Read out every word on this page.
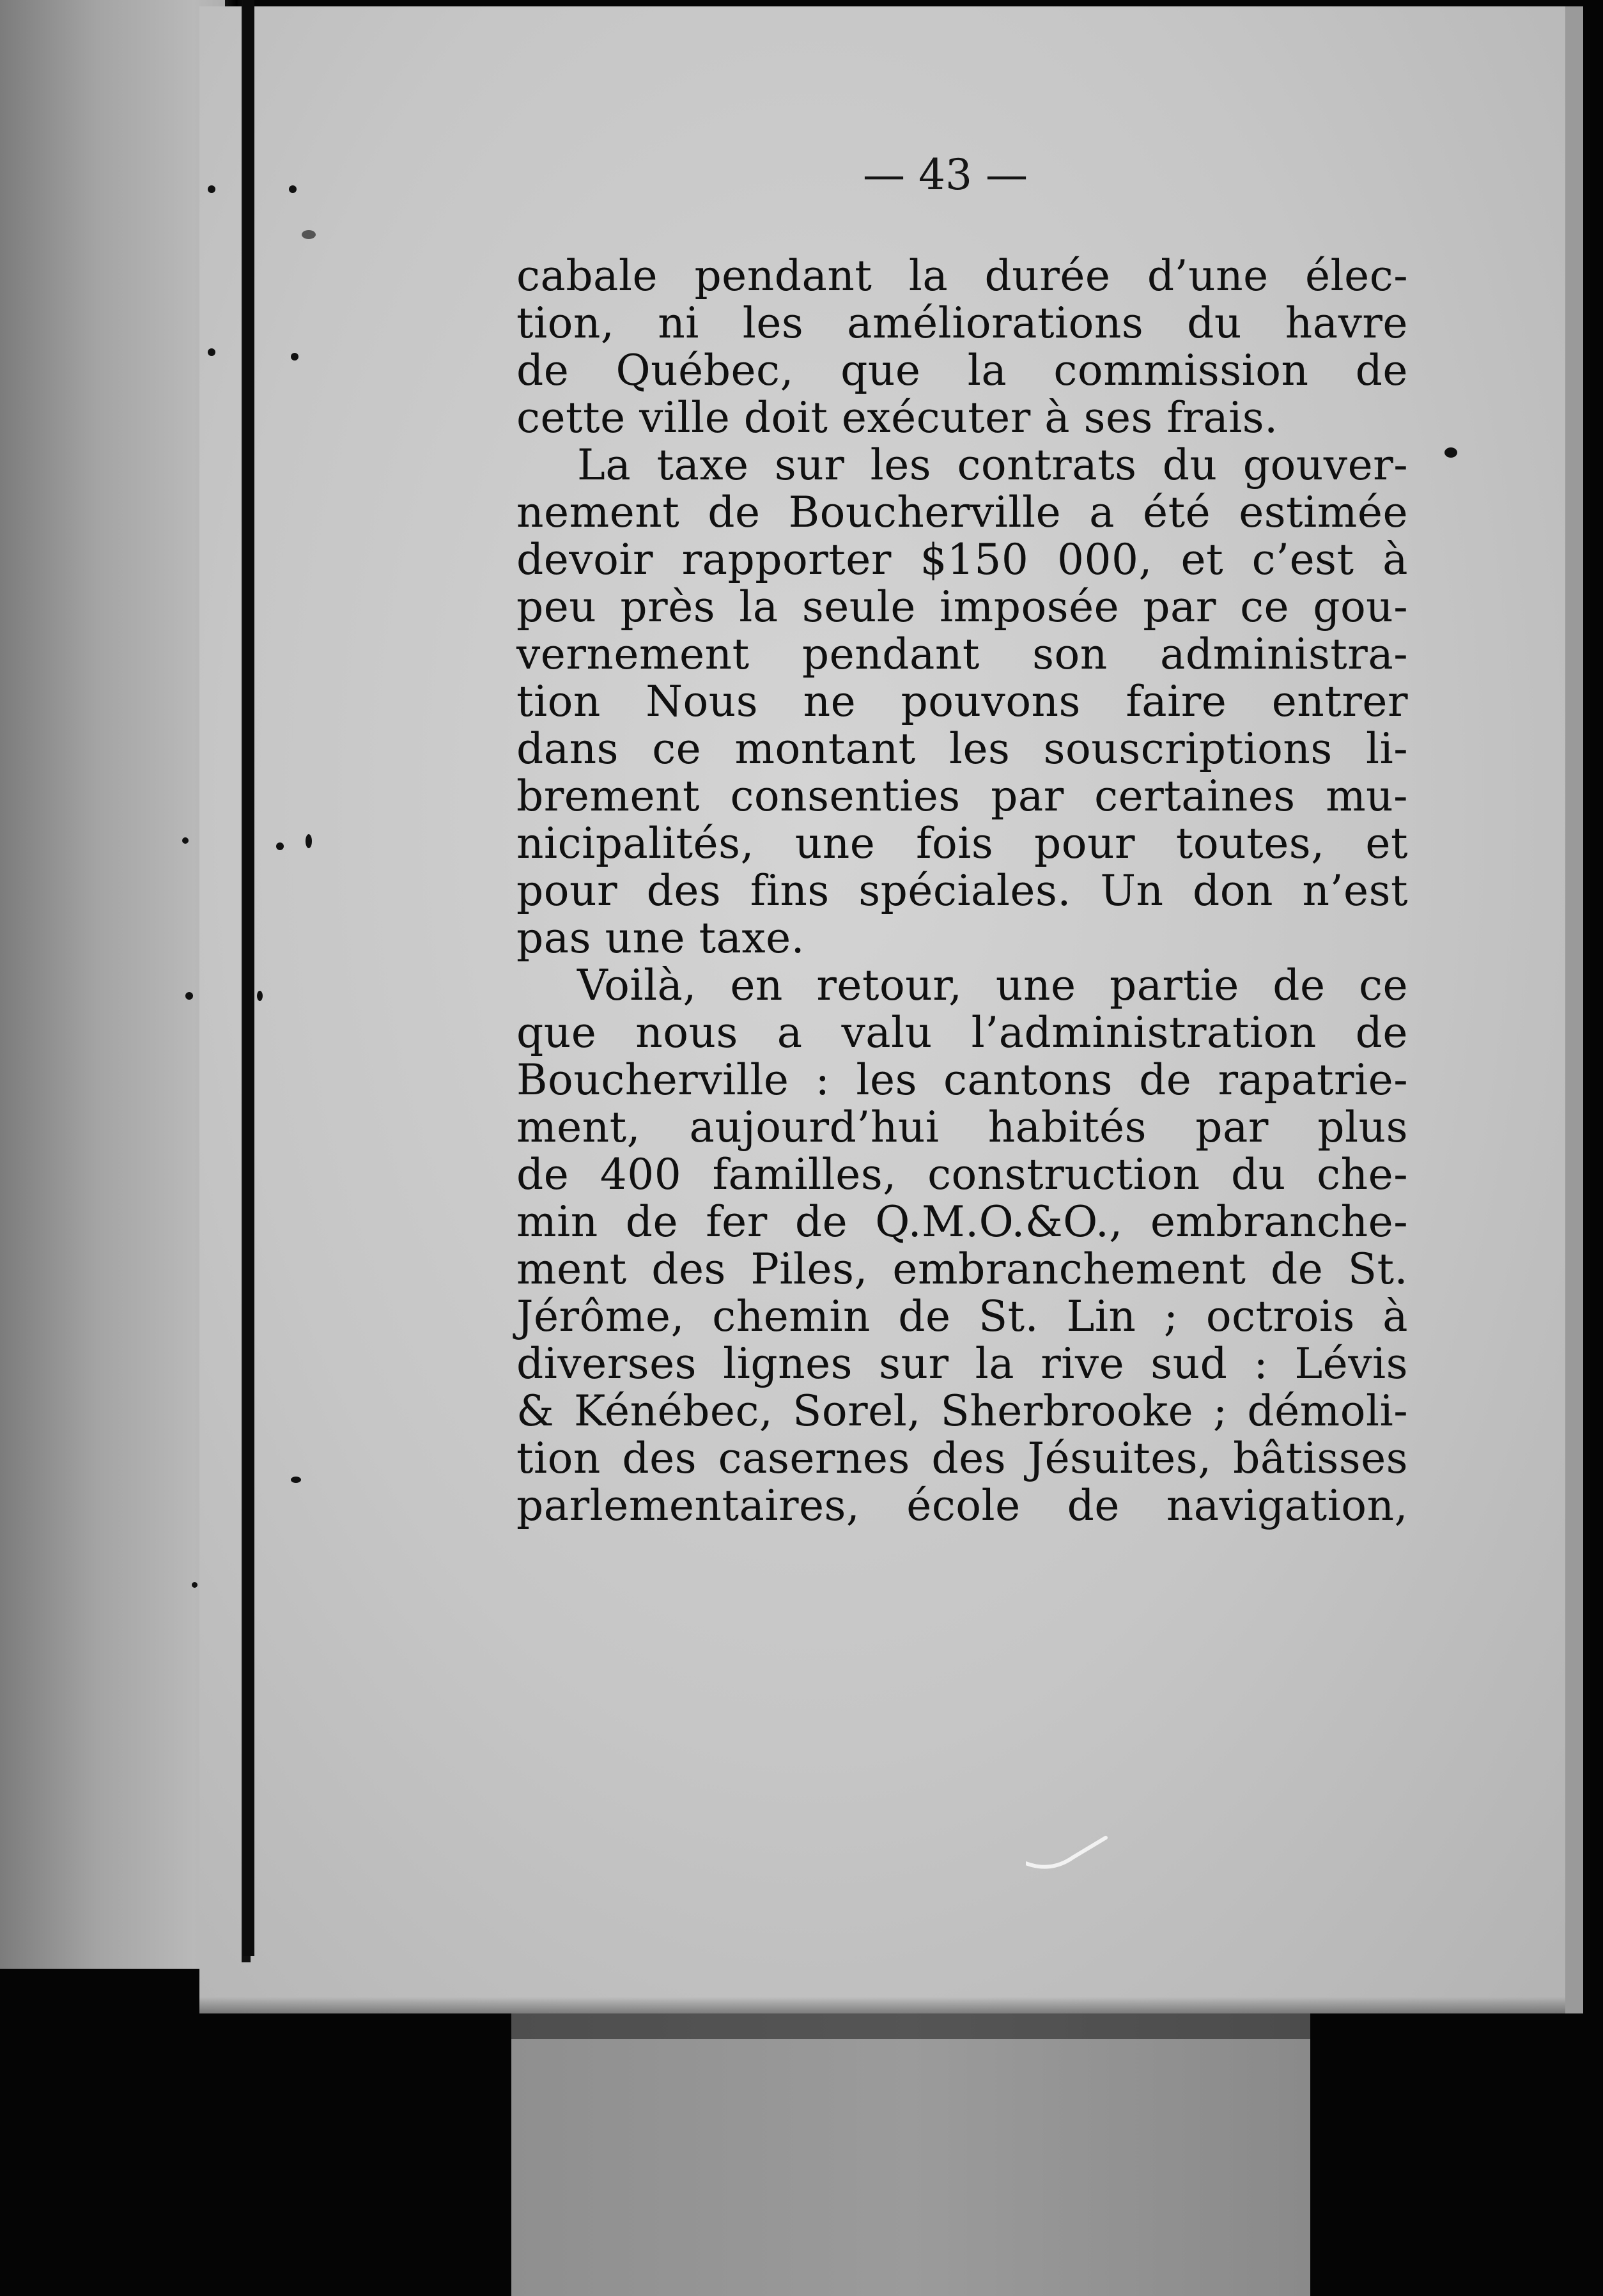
— 43 —
cabale pendant la durée d’une élec-
tion, ni les améliorations du havre
de Québec, que la commission de
cette ville doit exécuter à ses frais.
La taxe sur les contrats du gouver-
nement de Boucherville a été estimée
devoir rapporter $150 000, et c’est à
peu près la seule imposée par ce gou-
vernement pendant son administra-
tion Nous ne pouvons faire entrer
dans ce montant les souscriptions li-
brement consenties par certaines mu-
nicipalités, une fois pour toutes, et
pour des fins spéciales. Un don n’est
pas une taxe.
Voilà, en retour, une partie de ce
que nous a valu l’administration de
Boucherville : les cantons de rapatrie-
ment, aujourd’hui habités par plus
de 400 familles, construction du che-
min de fer de Q.M.O.&O., embranche-
ment des Piles, embranchement de St.
Jérôme, chemin de St. Lin ; octrois à
diverses lignes sur la rive sud : Lévis
& Kénébec, Sorel, Sherbrooke ; démoli-
tion des casernes des Jésuites, bâtisses
parlementaires, école de navigation,
